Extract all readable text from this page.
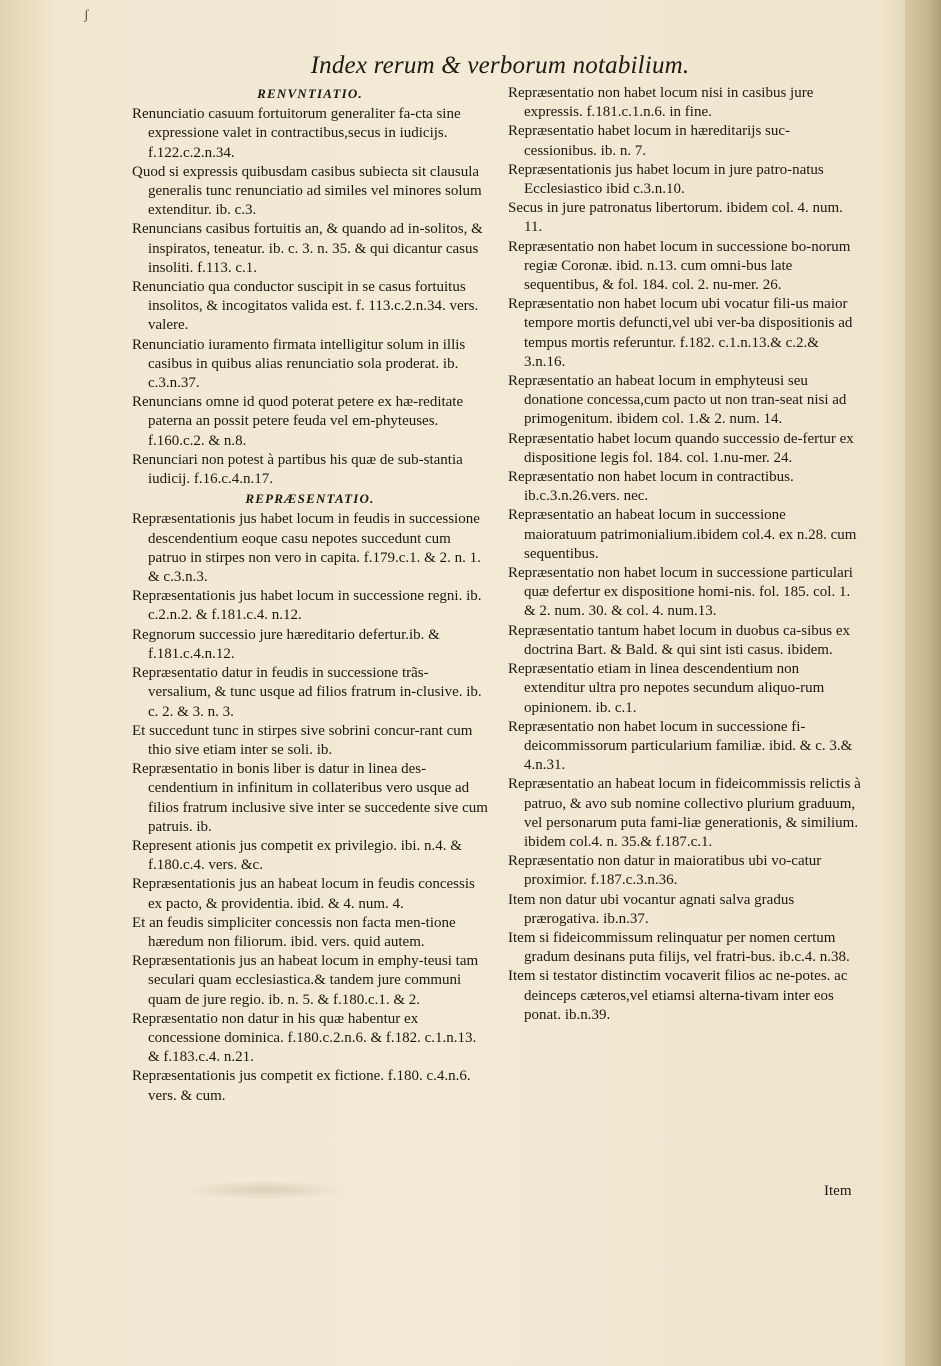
ʃ
Index rerum & verborum notabilium.

RENVNTIATIO.

Renunciatio casuum fortuitorum generaliter fa-cta sine expressione valet in contractibus,secus in iudicijs. f.122.c.2.n.34.

Quod si expressis quibusdam casibus subiecta sit clausula generalis tunc renunciatio ad similes vel minores solum extenditur. ib. c.3.

Renuncians casibus fortuitis an, & quando ad in-solitos, & inspiratos, teneatur. ib. c. 3. n. 35. & qui dicantur casus insoliti. f.113. c.1.

Renunciatio qua conductor suscipit in se casus fortuitus insolitos, & incogitatos valida est. f. 113.c.2.n.34. vers. valere.

Renunciatio iuramento firmata intelligitur solum in illis casibus in quibus alias renunciatio sola proderat. ib. c.3.n.37.

Renuncians omne id quod poterat petere ex hæ-reditate paterna an possit petere feuda vel em-phyteuses. f.160.c.2. & n.8.

Renunciari non potest à partibus his quæ de sub-stantia iudicij. f.16.c.4.n.17.

REPRÆSENTATIO.

Repræsentationis jus habet locum in feudis in successione descendentium eoque casu nepotes succedunt cum patruo in stirpes non vero in capita. f.179.c.1. & 2. n. 1. & c.3.n.3.

Repræsentationis jus habet locum in successione regni. ib. c.2.n.2. & f.181.c.4. n.12.

Regnorum successio jure hæreditario defertur.ib. & f.181.c.4.n.12.

Repræsentatio datur in feudis in successione trãs-versalium, & tunc usque ad filios fratrum in-clusive. ib. c. 2. & 3. n. 3.

Et succedunt tunc in stirpes sive sobrini concur-rant cum thio sive etiam inter se soli. ib.

Repræsentatio in bonis liber is datur in linea des-cendentium in infinitum in collateribus vero usque ad filios fratrum inclusive sive inter se succedente sive cum patruis. ib.

Represent ationis jus competit ex privilegio. ibi. n.4. & f.180.c.4. vers. &c.

Repræsentationis jus an habeat locum in feudis concessis ex pacto, & providentia. ibid. & 4. num. 4.

Et an feudis simpliciter concessis non facta men-tione hæredum non filiorum. ibid. vers. quid autem.

Repræsentationis jus an habeat locum in emphy-teusi tam seculari quam ecclesiastica.& tandem jure communi quam de jure regio. ib. n. 5. & f.180.c.1. & 2.

Repræsentatio non datur in his quæ habentur ex concessione dominica. f.180.c.2.n.6. & f.182. c.1.n.13. & f.183.c.4. n.21.

Repræsentationis jus competit ex fictione. f.180. c.4.n.6. vers. & cum.

Repræsentatio non habet locum nisi in casibus jure expressis. f.181.c.1.n.6. in fine.

Repræsentatio habet locum in hæreditarijs suc-cessionibus. ib. n. 7.

Repræsentationis jus habet locum in jure patro-natus Ecclesiastico ibid c.3.n.10.

Secus in jure patronatus libertorum. ibidem col. 4. num. 11.

Repræsentatio non habet locum in successione bo-norum regiæ Coronæ. ibid. n.13. cum omni-bus late sequentibus, & fol. 184. col. 2. nu-mer. 26.

Repræsentatio non habet locum ubi vocatur fili-us maior tempore mortis defuncti,vel ubi ver-ba dispositionis ad tempus mortis referuntur. f.182. c.1.n.13.& c.2.& 3.n.16.

Repræsentatio an habeat locum in emphyteusi seu donatione concessa,cum pacto ut non tran-seat nisi ad primogenitum. ibidem col. 1.& 2. num. 14.

Repræsentatio habet locum quando successio de-fertur ex dispositione legis fol. 184. col. 1.nu-mer. 24.

Repræsentatio non habet locum in contractibus. ib.c.3.n.26.vers. nec.

Repræsentatio an habeat locum in successione maioratuum patrimonialium.ibidem col.4. ex n.28. cum sequentibus.

Repræsentatio non habet locum in successione particulari quæ defertur ex dispositione homi-nis. fol. 185. col. 1. & 2. num. 30. & col. 4. num.13.

Repræsentatio tantum habet locum in duobus ca-sibus ex doctrina Bart. & Bald. & qui sint isti casus. ibidem.

Repræsentatio etiam in linea descendentium non extenditur ultra pro nepotes secundum aliquo-rum opinionem. ib. c.1.

Repræsentatio non habet locum in successione fi-deicommissorum particularium familiæ. ibid. & c. 3.& 4.n.31.

Repræsentatio an habeat locum in fideicommissis relictis à patruo, & avo sub nomine collectivo plurium graduum, vel personarum puta fami-liæ generationis, & similium. ibidem col.4. n. 35.& f.187.c.1.

Repræsentatio non datur in maioratibus ubi vo-catur proximior. f.187.c.3.n.36.

Item non datur ubi vocantur agnati salva gradus prærogativa. ib.n.37.

Item si fideicommissum relinquatur per nomen certum gradum desinans puta filijs, vel fratri-bus. ib.c.4. n.38.

Item si testator distinctim vocaverit filios ac ne-potes. ac deinceps cæteros,vel etiamsi alterna-tivam inter eos ponat. ib.n.39.

Item
